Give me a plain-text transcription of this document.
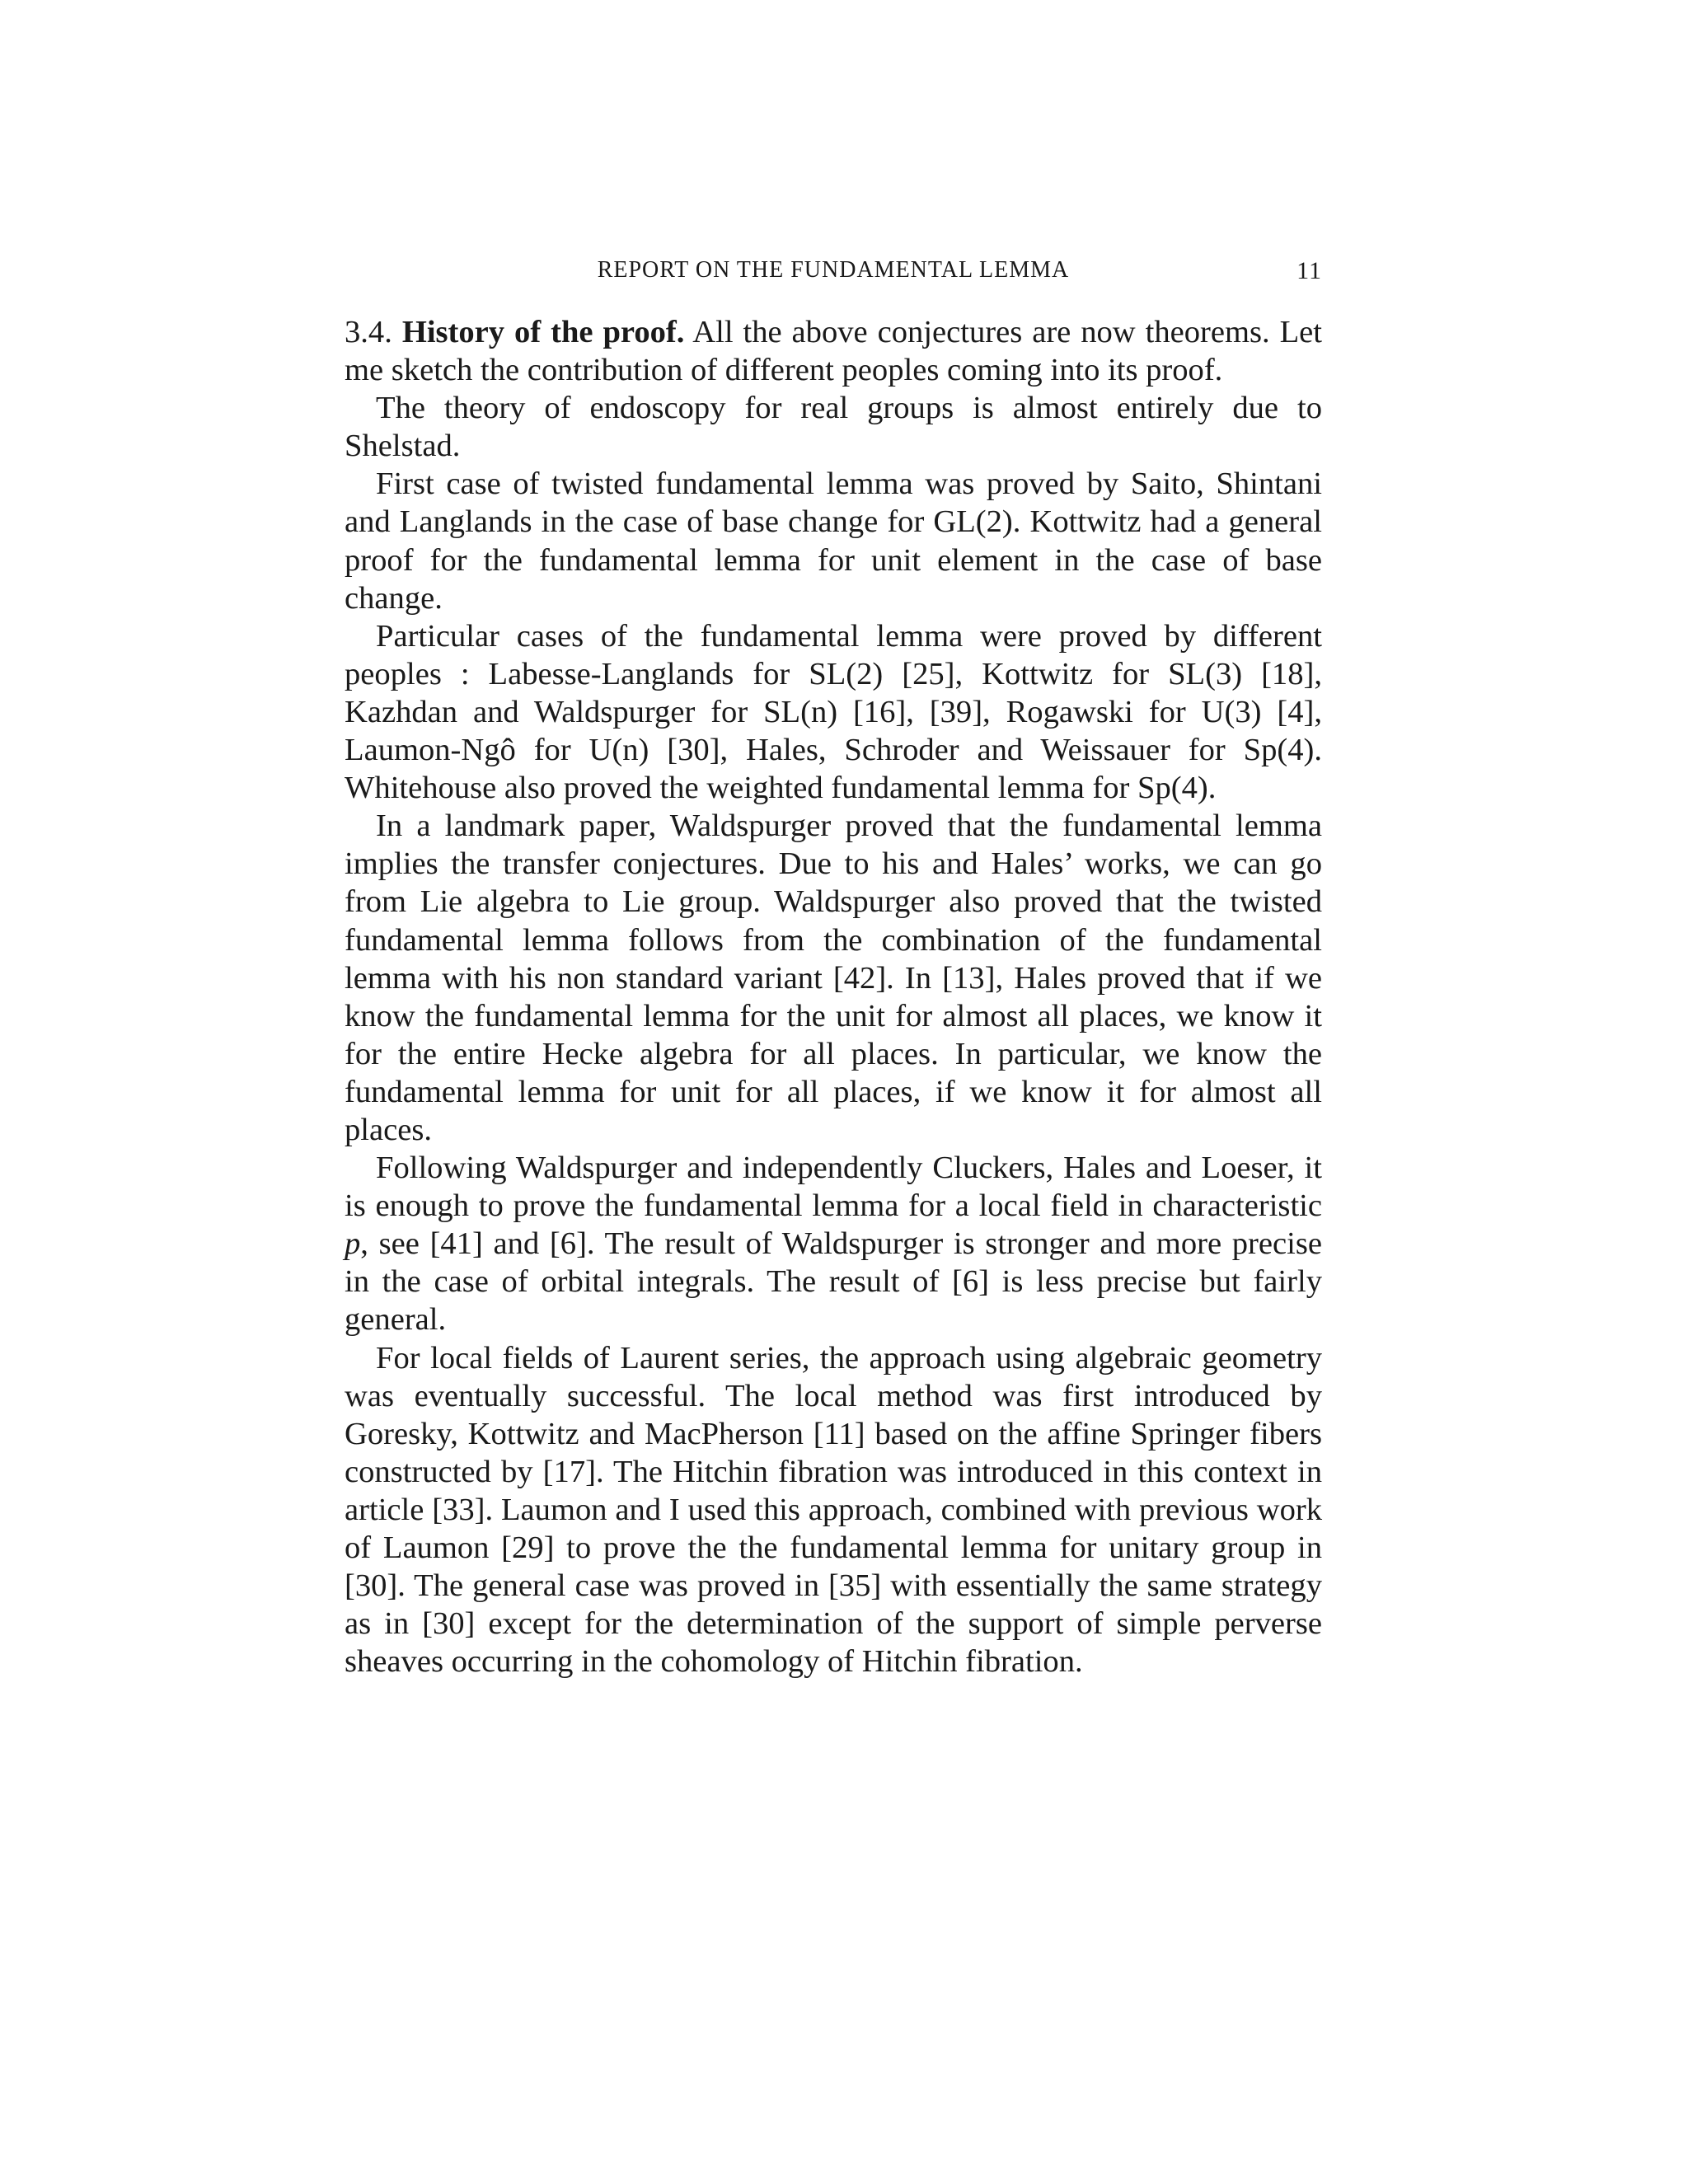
REPORT ON THE FUNDAMENTAL LEMMA	11

3.4. History of the proof. All the above conjectures are now theorems. Let me sketch the contribution of different peoples coming into its proof.

The theory of endoscopy for real groups is almost entirely due to Shelstad.

First case of twisted fundamental lemma was proved by Saito, Shintani and Langlands in the case of base change for GL(2). Kottwitz had a general proof for the fundamental lemma for unit element in the case of base change.

Particular cases of the fundamental lemma were proved by different peoples : Labesse-Langlands for SL(2) [25], Kottwitz for SL(3) [18], Kazhdan and Waldspurger for SL(n) [16], [39], Rogawski for U(3) [4], Laumon-Ngô for U(n) [30], Hales, Schroder and Weissauer for Sp(4). Whitehouse also proved the weighted fundamental lemma for Sp(4).

In a landmark paper, Waldspurger proved that the fundamental lemma implies the transfer conjectures. Due to his and Hales’ works, we can go from Lie algebra to Lie group. Waldspurger also proved that the twisted fundamental lemma follows from the combination of the fundamental lemma with his non standard variant [42]. In [13], Hales proved that if we know the fundamental lemma for the unit for almost all places, we know it for the entire Hecke algebra for all places. In particular, we know the fundamental lemma for unit for all places, if we know it for almost all places.

Following Waldspurger and independently Cluckers, Hales and Loeser, it is enough to prove the fundamental lemma for a local field in characteristic p, see [41] and [6]. The result of Waldspurger is stronger and more precise in the case of orbital integrals. The result of [6] is less precise but fairly general.

For local fields of Laurent series, the approach using algebraic geometry was eventually successful. The local method was first introduced by Goresky, Kottwitz and MacPherson [11] based on the affine Springer fibers constructed by [17]. The Hitchin fibration was introduced in this context in article [33]. Laumon and I used this approach, combined with previous work of Laumon [29] to prove the the fundamental lemma for unitary group in [30]. The general case was proved in [35] with essentially the same strategy as in [30] except for the determination of the support of simple perverse sheaves occurring in the cohomology of Hitchin fibration.
